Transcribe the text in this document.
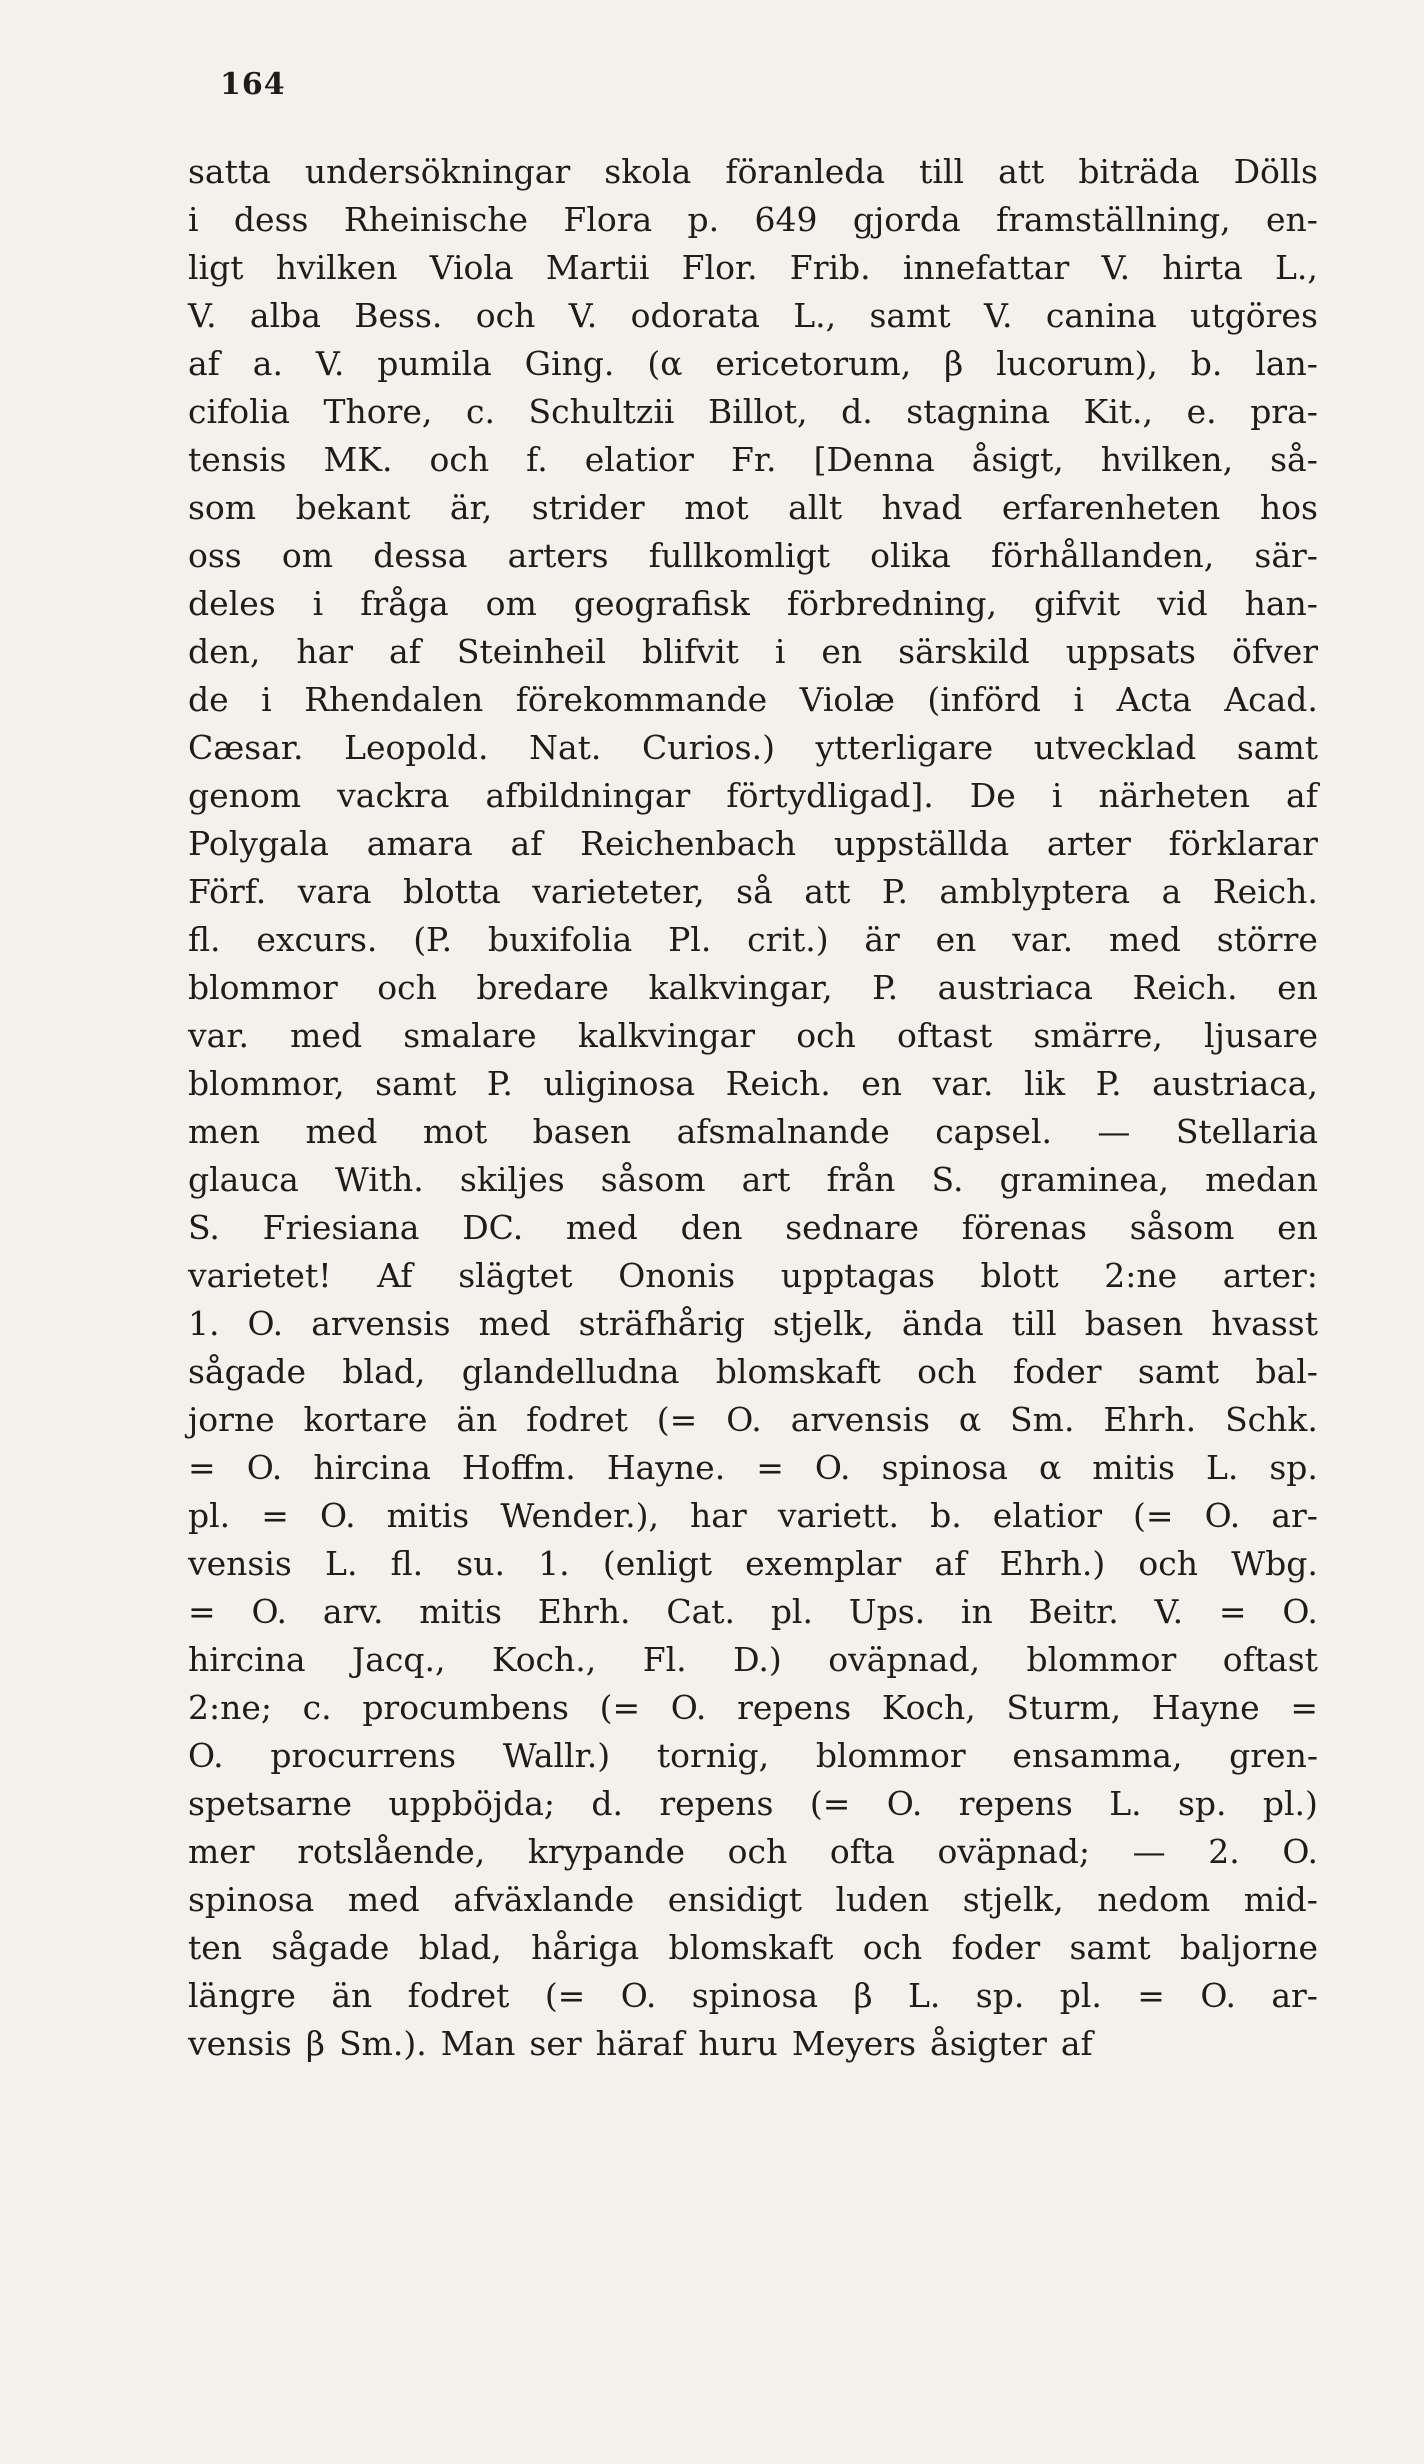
164
satta undersökningar skola föranleda till att biträda Dölls
i dess Rheinische Flora p. 649 gjorda framställning, en-
ligt hvilken Viola Martii Flor. Frib. innefattar V. hirta L.,
V. alba Bess. och V. odorata L., samt V. canina utgöres
af a. V. pumila Ging. (α ericetorum, β lucorum), b. lan-
cifolia Thore, c. Schultzii Billot, d. stagnina Kit., e. pra-
tensis MK. och f. elatior Fr. [Denna åsigt, hvilken, så-
som bekant är, strider mot allt hvad erfarenheten hos
oss om dessa arters fullkomligt olika förhållanden, sär-
deles i fråga om geografisk förbredning, gifvit vid han-
den, har af Steinheil blifvit i en särskild uppsats öfver
de i Rhendalen förekommande Violæ (införd i Acta Acad.
Cæsar. Leopold. Nat. Curios.) ytterligare utvecklad samt
genom vackra afbildningar förtydligad]. De i närheten af
Polygala amara af Reichenbach uppställda arter förklarar
Förf. vara blotta varieteter, så att P. amblyptera a Reich.
fl. excurs. (P. buxifolia Pl. crit.) är en var. med större
blommor och bredare kalkvingar, P. austriaca Reich. en
var. med smalare kalkvingar och oftast smärre, ljusare
blommor, samt P. uliginosa Reich. en var. lik P. austriaca,
men med mot basen afsmalnande capsel. — Stellaria
glauca With. skiljes såsom art från S. graminea, medan
S. Friesiana DC. med den sednare förenas såsom en
varietet! Af slägtet Ononis upptagas blott 2:ne arter:
1. O. arvensis med sträfhårig stjelk, ända till basen hvasst
sågade blad, glandelludna blomskaft och foder samt bal-
jorne kortare än fodret (= O. arvensis α Sm. Ehrh. Schk.
= O. hircina Hoffm. Hayne. = O. spinosa α mitis L. sp.
pl. = O. mitis Wender.), har variett. b. elatior (= O. ar-
vensis L. fl. su. 1. (enligt exemplar af Ehrh.) och Wbg.
= O. arv. mitis Ehrh. Cat. pl. Ups. in Beitr. V. = O.
hircina Jacq., Koch., Fl. D.) oväpnad, blommor oftast
2:ne; c. procumbens (= O. repens Koch, Sturm, Hayne =
O. procurrens Wallr.) tornig, blommor ensamma, gren-
spetsarne uppböjda; d. repens (= O. repens L. sp. pl.)
mer rotslående, krypande och ofta oväpnad; — 2. O.
spinosa med afväxlande ensidigt luden stjelk, nedom mid-
ten sågade blad, håriga blomskaft och foder samt baljorne
längre än fodret (= O. spinosa β L. sp. pl. = O. ar-
vensis β Sm.). Man ser häraf huru Meyers åsigter af
